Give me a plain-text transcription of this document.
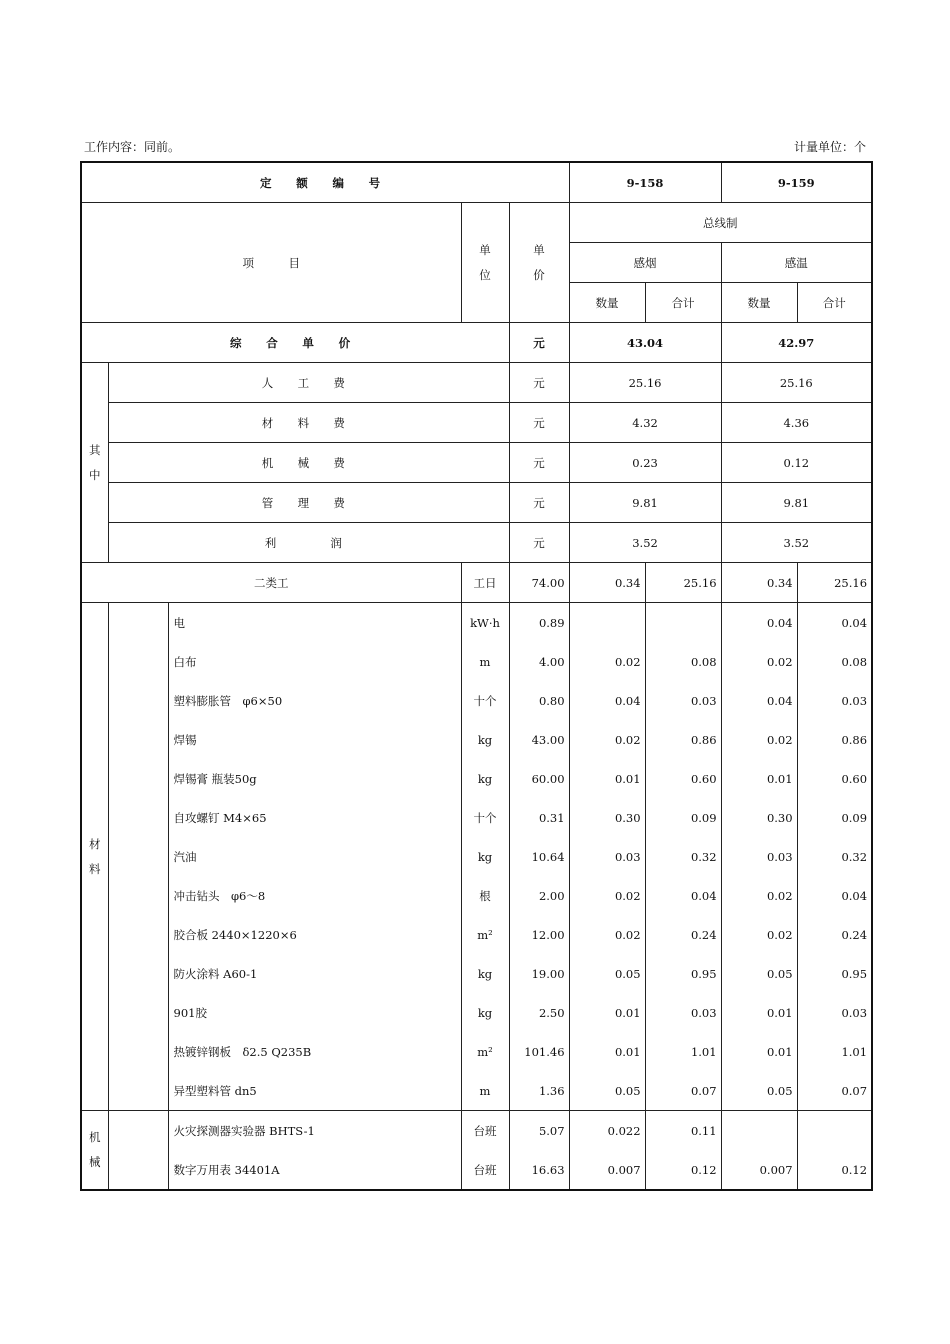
工作内容：同前。	计量单位：个
定 额 编 号					9-158		9-159	
项　　　目			单位	单价	总线制			
					感烟		感温	
					数量	合计	数量	合计
综 合 单 价				元	43.04		42.97	
其中	人 工 费			元	25.16		25.16	
	材 料 费			元	4.32		4.36	
	机 械 费			元	0.23		0.12	
	管 理 费			元	9.81		9.81	
	利　　润			元	3.52		3.52	
二类工			工日	74.00	0.34	25.16	0.34	25.16
材料		电	kW·h	0.89			0.04	0.04
		白布	m	4.00	0.02	0.08	0.02	0.08
		塑料膨胀管　φ6×50	十个	0.80	0.04	0.03	0.04	0.03
		焊锡	kg	43.00	0.02	0.86	0.02	0.86
		焊锡膏 瓶装50g	kg	60.00	0.01	0.60	0.01	0.60
		自攻螺钉 M4×65	十个	0.31	0.30	0.09	0.30	0.09
		汽油	kg	10.64	0.03	0.32	0.03	0.32
		冲击钻头　φ6～8	根	2.00	0.02	0.04	0.02	0.04
		胶合板 2440×1220×6	m²	12.00	0.02	0.24	0.02	0.24
		防火涂料 A60-1	kg	19.00	0.05	0.95	0.05	0.95
		901胶	kg	2.50	0.01	0.03	0.01	0.03
		热镀锌钢板　δ2.5 Q235B	m²	101.46	0.01	1.01	0.01	1.01
		异型塑料管 dn5	m	1.36	0.05	0.07	0.05	0.07
机械		火灾探测器实验器 BHTS-1	台班	5.07	0.022	0.11		
		数字万用表 34401A	台班	16.63	0.007	0.12	0.007	0.12
